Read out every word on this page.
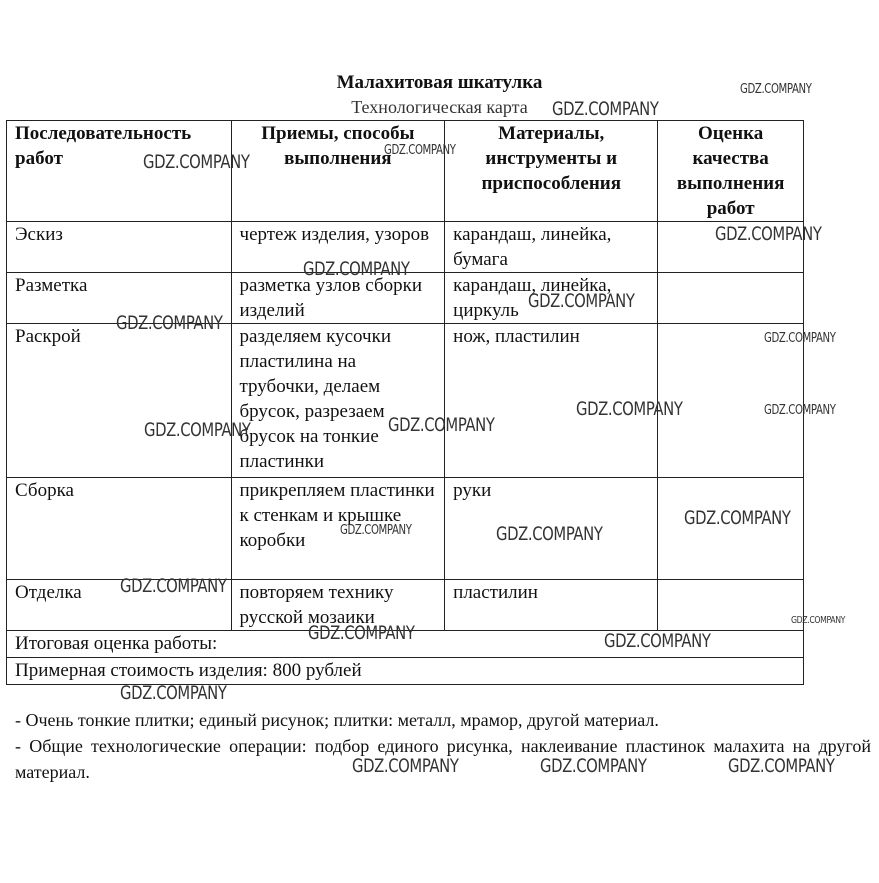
Малахитовая шкатулка
Технологическая карта
Последовательность работ	Приемы, способы выполнения	Материалы, инструменты и приспособления	Оценка качества выполнения работ
Эскиз	чертеж изделия, узоров	карандаш, линейка, бумага	
Разметка	разметка узлов сборки изделий	карандаш, линейка, циркуль	
Раскрой	разделяем кусочки пластилина на трубочки, делаем брусок, разрезаем брусок на тонкие пластинки	нож, пластилин	
Сборка	прикрепляем пластинки к стенкам и крышке коробки	руки	
Отделка	повторяем технику русской мозаики	пластилин	
Итоговая оценка работы:			
Примерная стоимость изделия: 800 рублей			

- Очень тонкие плитки; единый рисунок; плитки: металл, мрамор, другой материал.

- Общие технологические операции: подбор единого рисунка, наклеивание пластинок малахита на другой материал.

GDZ.COMPANY
GDZ.COMPANY
GDZ.COMPANY
GDZ.COMPANY
GDZ.COMPANY
GDZ.COMPANY
GDZ.COMPANY
GDZ.COMPANY
GDZ.COMPANY
GDZ.COMPANY	GDZ.COMPANY
GDZ.COMPANY	GDZ.COMPANY
GDZ.COMPANY
GDZ.COMPANY	GDZ.COMPANY
GDZ.COMPANY
GDZ.COMPANY
GDZ.COMPANY	GDZ.COMPANY
GDZ.COMPANY
GDZ.COMPANY	GDZ.COMPANY	GDZ.COMPANY
